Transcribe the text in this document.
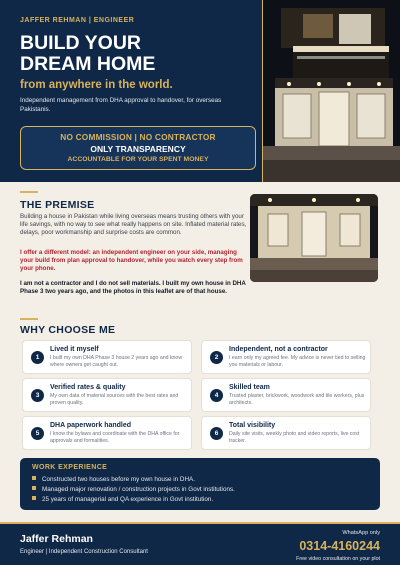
JAFFER REHMAN | ENGINEER
BUILD YOUR
DREAM HOME
from anywhere in the world.
Independent management from DHA approval to handover, for overseas Pakistanis.
NO COMMISSION | NO CONTRACTOR
ONLY TRANSPARENCY
ACCOUNTABLE FOR YOUR SPENT MONEY
THE PREMISE
Building a house in Pakistan while living overseas means trusting others with your life savings, with no way to see what really happens on site. Inflated material rates, delays, poor workmanship and surprise costs are common.
I offer a different model: an independent engineer on your side, managing your build from plan approval to handover, while you watch every step from your phone.
I am not a contractor and I do not sell materials. I built my own house in DHA Phase 3 two years ago, and the photos in this leaflet are of that house.
WHY CHOOSE ME
1
Lived it myself
I built my own DHA Phase 3 house 2 years ago and know where owners get caught out.
2
Independent, not a contractor
I earn only my agreed fee. My advice is never tied to selling you materials or labour.
3
Verified rates & quality
My own data of material sources with the best rates and proven quality.
4
Skilled team
Trusted plaster, brickwork, woodwork and tile workers, plus architects.
5
DHA paperwork handled
I know the bylaws and coordinate with the DHA office for approvals and formalities.
6
Total visibility
Daily site visits, weekly photo and video reports, live cost tracker.
WORK EXPERIENCE
Constructed two houses before my own house in DHA.
Managed major renovation / construction projects in Govt institutions.
25 years of managerial and QA experience in Govt institution.
Jaffer Rehman
Engineer | Independent Construction Consultant
WhatsApp only
0314-4160244
Free video consultation on your plot
